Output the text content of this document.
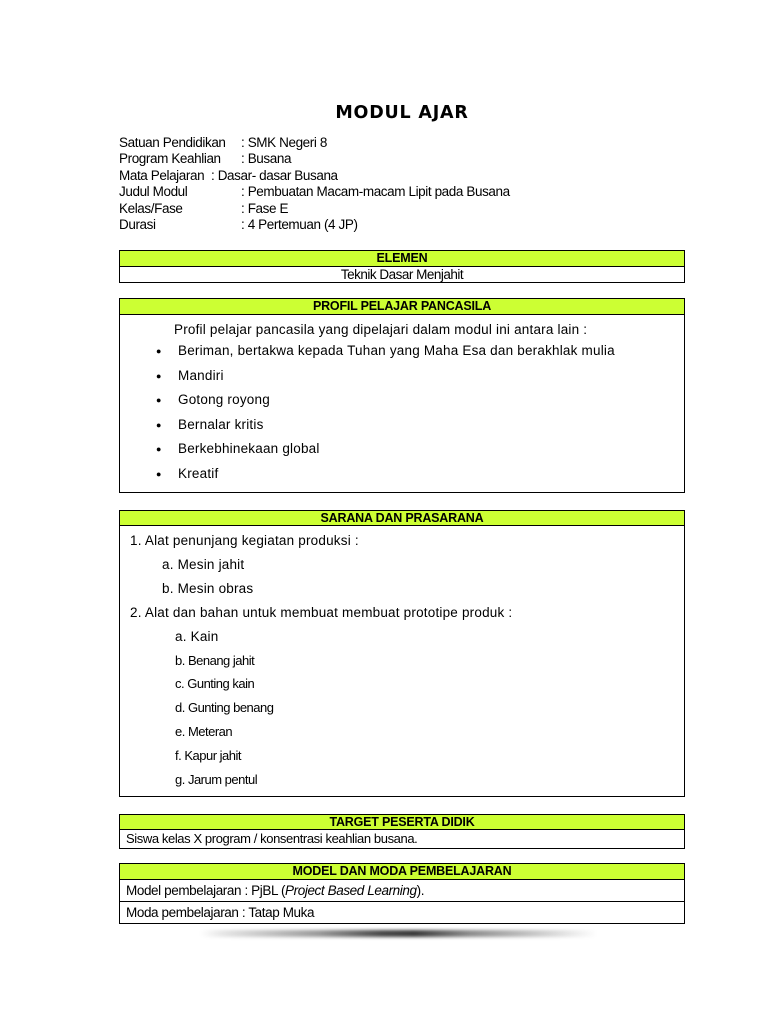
MODUL AJAR
Satuan Pendidikan	: SMK Negeri 8
Program Keahlian	: Busana
Mata Pelajaran : Dasar- dasar Busana
Judul Modul	: Pembuatan Macam-macam Lipit pada Busana
Kelas/Fase	: Fase E
Durasi	: 4 Pertemuan (4 JP)
ELEMEN
Teknik Dasar Menjahit
PROFIL PELAJAR PANCASILA
Profil pelajar pancasila yang dipelajari dalam modul ini antara lain :
●	Beriman, bertakwa kepada Tuhan yang Maha Esa dan berakhlak mulia
●	Mandiri
●	Gotong royong
●	Bernalar kritis
●	Berkebhinekaan global
●	Kreatif
SARANA DAN PRASARANA
1. Alat penunjang kegiatan produksi :
a. Mesin jahit
b. Mesin obras
2. Alat dan bahan untuk membuat membuat prototipe produk :
a. Kain
b. Benang jahit
c. Gunting kain
d. Gunting benang
e. Meteran
f. Kapur jahit
g. Jarum pentul
TARGET PESERTA DIDIK
Siswa kelas X program / konsentrasi keahlian busana.
MODEL DAN MODA PEMBELAJARAN
Model pembelajaran : PjBL (Project Based Learning).
Moda pembelajaran : Tatap Muka
